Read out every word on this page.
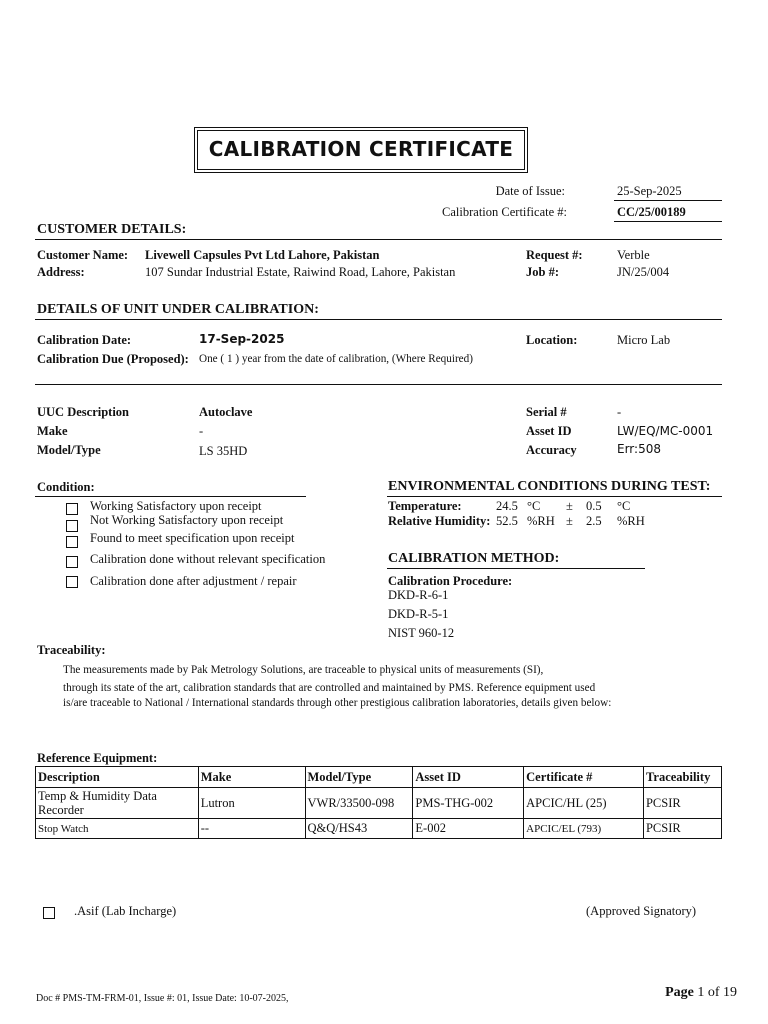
CALIBRATION CERTIFICATE
Date of Issue:	25-Sep-2025
Calibration Certificate #:	CC/25/00189
CUSTOMER DETAILS:
Customer Name: Livewell Capsules Pvt Ltd Lahore, Pakistan
Address:	107 Sundar Industrial Estate, Raiwind Road, Lahore, Pakistan
Request #:	Verble
Job #:	JN/25/004
DETAILS OF UNIT UNDER CALIBRATION:
Calibration Date:	17-Sep-2025
Calibration Due (Proposed): One ( 1 ) year from the date of calibration, (Where Required)
Location:	Micro Lab
UUC Description	Autoclave
Make	-
Model/Type	LS 35HD
Serial #	-
Asset ID	LW/EQ/MC-0001
Accuracy	Err:508
Condition:
Working Satisfactory upon receipt
Not Working Satisfactory upon receipt
Found to meet specification upon receipt
Calibration done without relevant specification
Calibration done after adjustment / repair
ENVIRONMENTAL CONDITIONS DURING TEST:
Temperature:	24.5 °C ± 0.5 °C
Relative Humidity: 52.5 %RH ± 2.5 %RH
CALIBRATION METHOD:
Calibration Procedure:
DKD-R-6-1
DKD-R-5-1
NIST 960-12
Traceability:
The measurements made by Pak Metrology Solutions, are traceable to physical units of measurements (SI),
through its state of the art, calibration standards that are controlled and maintained by PMS. Reference equipment used
is/are traceable to National / International standards through other prestigious calibration laboratories, details given below:
Reference Equipment:
Description	Make	Model/Type	Asset ID	Certificate #	Traceability
Temp & Humidity Data Recorder	Lutron	VWR/33500-098	PMS-THG-002	APCIC/HL (25)	PCSIR
Stop Watch	--	Q&Q/HS43	E-002	APCIC/EL (793)	PCSIR
.Asif (Lab Incharge)	(Approved Signatory)
Doc # PMS-TM-FRM-01, Issue #: 01, Issue Date: 10-07-2025,	Page 1 of 19
